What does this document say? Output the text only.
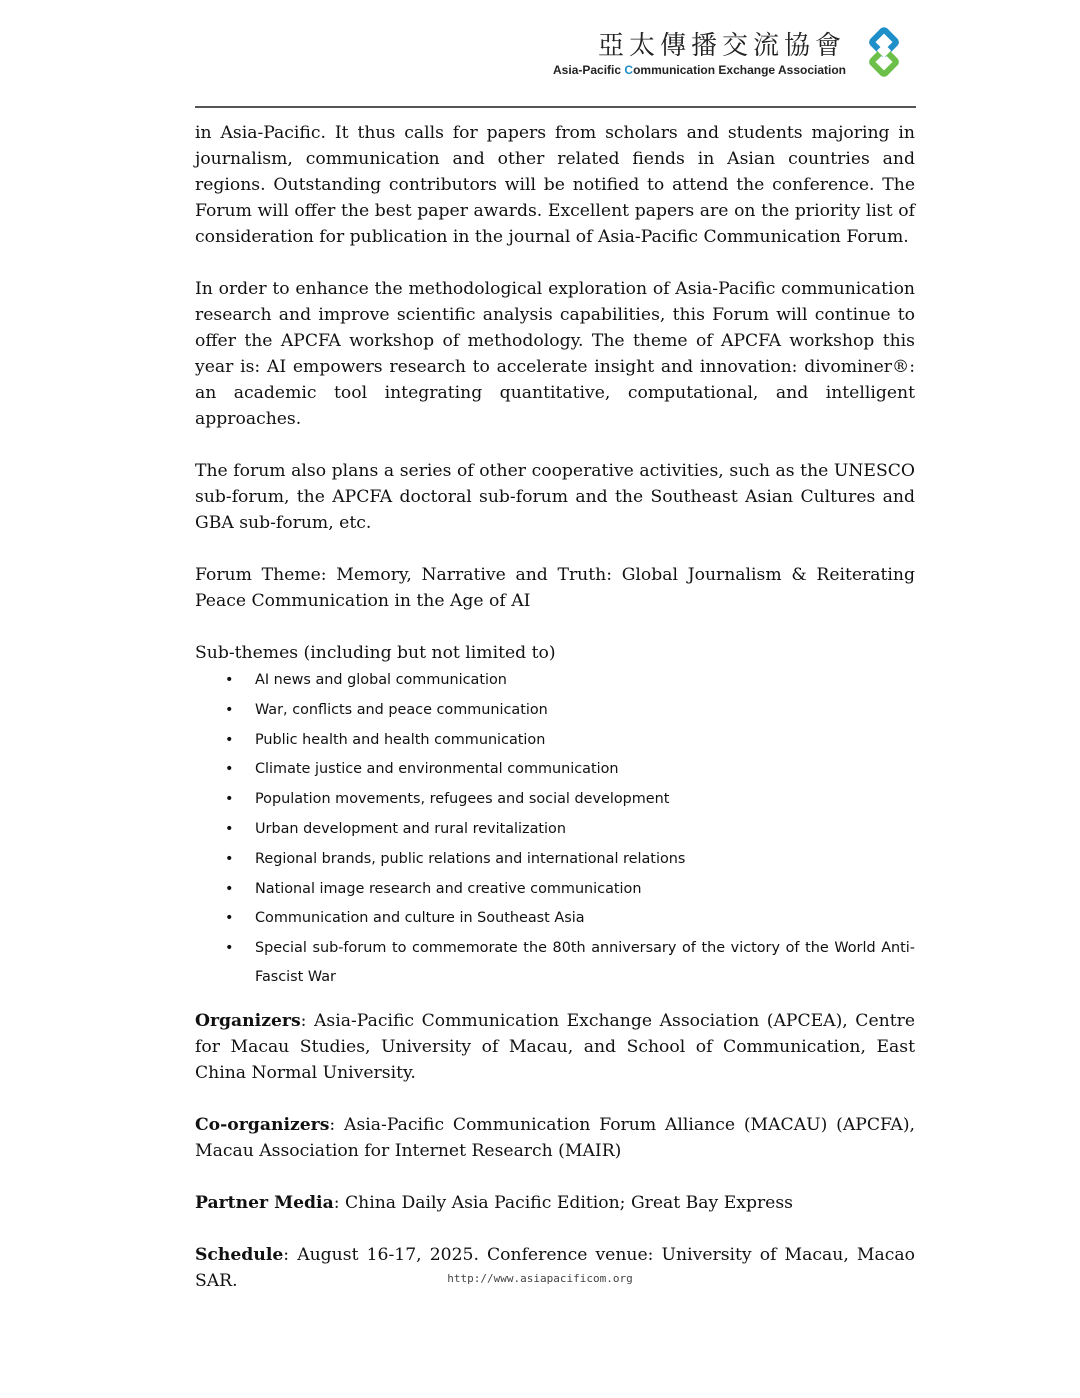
亞太傳播交流協會
Asia-Pacific Communication Exchange Association

in Asia-Pacific. It thus calls for papers from scholars and students majoring in journalism, communication and other related fiends in Asian countries and regions. Outstanding contributors will be notified to attend the conference. The Forum will offer the best paper awards. Excellent papers are on the priority list of consideration for publication in the journal of Asia-Pacific Communication Forum.

In order to enhance the methodological exploration of Asia-Pacific communication research and improve scientific analysis capabilities, this Forum will continue to offer the APCFA workshop of methodology. The theme of APCFA workshop this year is: AI empowers research to accelerate insight and innovation: divominer®: an academic tool integrating quantitative, computational, and intelligent approaches.

The forum also plans a series of other cooperative activities, such as the UNESCO sub-forum, the APCFA doctoral sub-forum and the Southeast Asian Cultures and GBA sub-forum, etc.

Forum Theme: Memory, Narrative and Truth: Global Journalism & Reiterating Peace Communication in the Age of AI

Sub-themes (including but not limited to)

• AI news and global communication
• War, conflicts and peace communication
• Public health and health communication
• Climate justice and environmental communication
• Population movements, refugees and social development
• Urban development and rural revitalization
• Regional brands, public relations and international relations
• National image research and creative communication
• Communication and culture in Southeast Asia
• Special sub-forum to commemorate the 80th anniversary of the victory of the World Anti-Fascist War

Organizers: Asia-Pacific Communication Exchange Association (APCEA), Centre for Macau Studies, University of Macau, and School of Communication, East China Normal University.

Co-organizers: Asia-Pacific Communication Forum Alliance (MACAU) (APCFA), Macau Association for Internet Research (MAIR)

Partner Media: China Daily Asia Pacific Edition; Great Bay Express

Schedule: August 16-17, 2025. Conference venue: University of Macau, Macao SAR.	http://www.asiapacificom.org
